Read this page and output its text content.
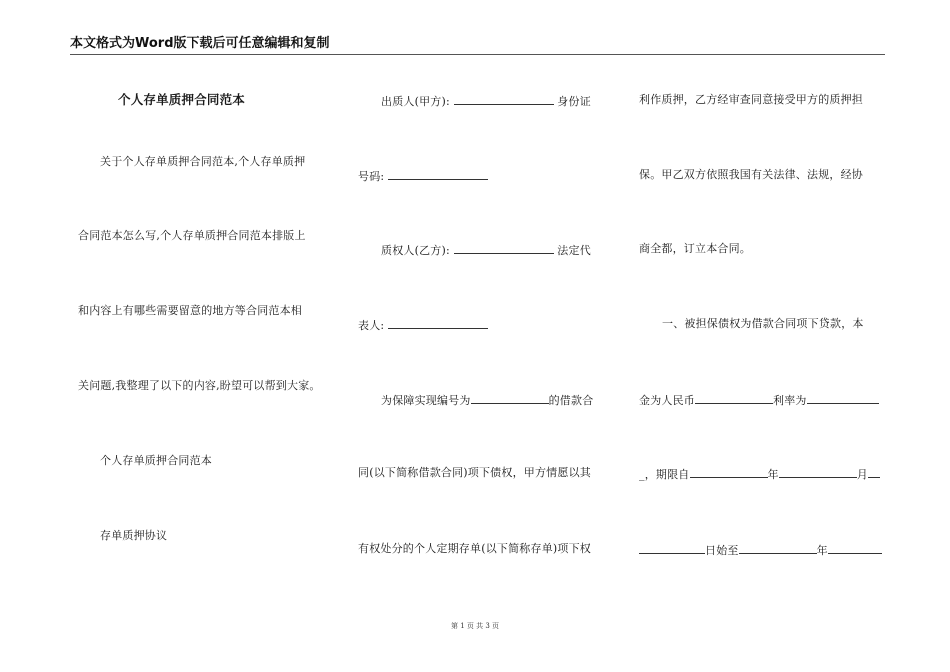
本文格式为Word版下载后可任意编辑和复制
个人存单质押合同范本
关于个人存单质押合同范本,个人存单质押
合同范本怎么写,个人存单质押合同范本排版上
和内容上有哪些需要留意的地方等合同范本相
关问题,我整理了以下的内容,盼望可以帮到大家。
个人存单质押合同范本
存单质押协议
出质人(甲方):	身份证
号码:
质权人(乙方):	法定代
表人:
为保障实现编号为	的借款合
同(以下简称借款合同)项下债权，甲方情愿以其
有权处分的个人定期存单(以下简称存单)项下权
利作质押，乙方经审查同意接受甲方的质押担
保。甲乙双方依照我国有关法律、法规，经协
商全都，订立本合同。
一、被担保债权为借款合同项下贷款，本
金为人民币	利率为
_，期限自	年	月
日始至	年
第 1 页 共 3 页
